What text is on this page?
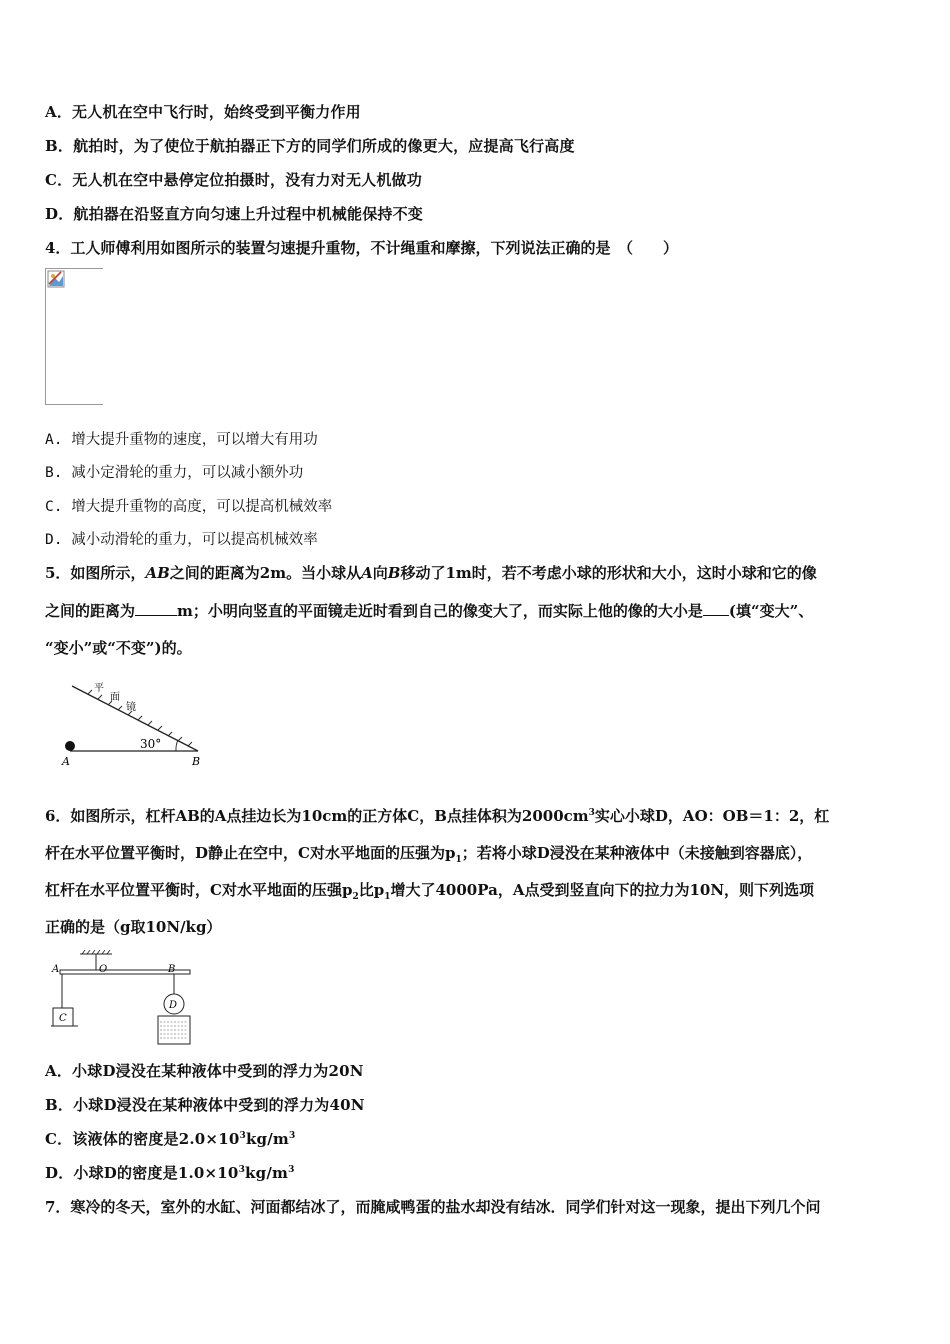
A．无人机在空中飞行时，始终受到平衡力作用
B．航拍时，为了使位于航拍器正下方的同学们所成的像更大，应提高飞行高度
C．无人机在空中悬停定位拍摄时，没有力对无人机做功
D．航拍器在沿竖直方向匀速上升过程中机械能保持不变
4．工人师傅利用如图所示的装置匀速提升重物，不计绳重和摩擦，下列说法正确的是　（　　）
A. 增大提升重物的速度，可以增大有用功
B. 减小定滑轮的重力，可以减小额外功
C. 增大提升重物的高度，可以提高机械效率
D. 减小动滑轮的重力，可以提高机械效率
5．如图所示，AB之间的距离为2m。当小球从A向B移动了1m时，若不考虑小球的形状和大小，这时小球和它的像
之间的距离为	m；小明向竖直的平面镜走近时看到自己的像变大了，而实际上他的像的大小是 (填“变大”、
“变小”或“不变”)的。
平
面
镜
30°
A	B
6．如图所示，杠杆AB的A点挂边长为10cm的正方体C，B点挂体积为$2000cm^3$实心小球D，AO：OB＝1：2，杠
杆在水平位置平衡时，D静止在空中，C对水平地面的压强为$p_1$；若将小球D浸没在某种液体中（未接触到容器底），
杠杆在水平位置平衡时，C对水平地面的压强$p_2$比$p_1$增大了4000Pa，A点受到竖直向下的拉力为10N，则下列选项
正确的是（g取10N/kg）
A	O	B
C
D
A．小球D浸没在某种液体中受到的浮力为20N
B．小球D浸没在某种液体中受到的浮力为40N
C．该液体的密度是$2.0\times 10^3kg/m^3$
D．小球D的密度是$1.0\times 10^3kg/m^3$
7．寒冷的冬天，室外的水缸、河面都结冰了，而腌咸鸭蛋的盐水却没有结冰．同学们针对这一现象，提出下列几个问
